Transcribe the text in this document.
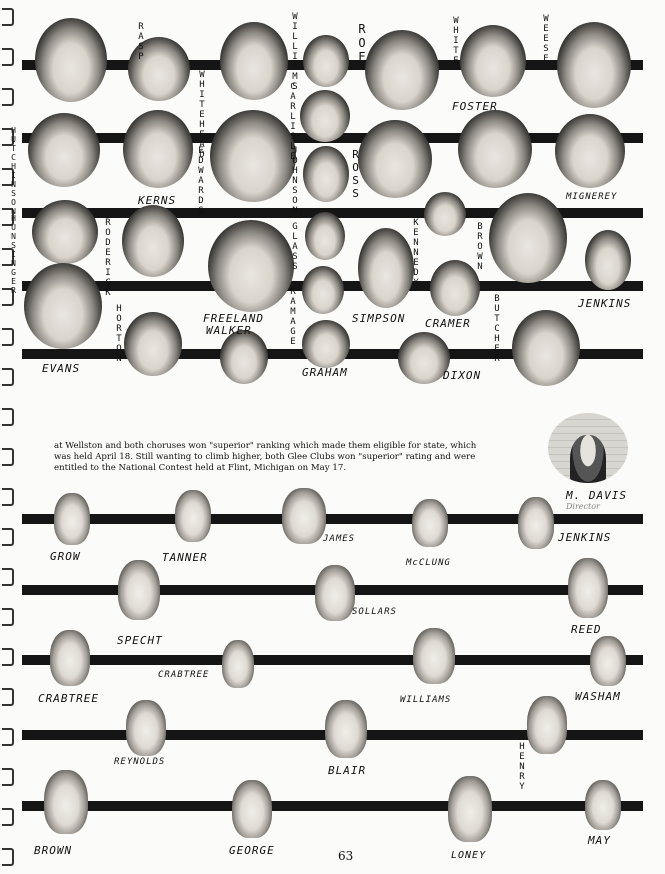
RASP	WILLIAMS	ROE	WHITE	WEESE
WHITEHEAD	CARLISLE	FOSTER
HUTCHINSON	EDWARDS	JOHNSON	ROSS
KERNS	MIGNEREY
HUNSINGER	RODERICK	GLASS	KENNEDY	BROWN
JENKINS
HORTON	FREELAND
WALKER	RAMAGE	SIMPSON CRAMER BUTCHER
EVANS	GRAHAM	DIXON

at Wellston and both choruses won "superior" ranking which made them eligible for state, which was held April 18. Still wanting to climb higher, both Glee Clubs won "superior" rating and were entitled to the National Contest held at Flint, Michigan on May 17.

M. DAVIS
Director
GROW	TANNER
JAMES
McCLUNG
JENKINS
SPECHT
SOLLARS
REED
CRABTREE
CRABTREE
WILLIAMS	WASHAM
REYNOLDS
BLAIR	HENRY
BROWN	GEORGE	LONEY
MAY
63
